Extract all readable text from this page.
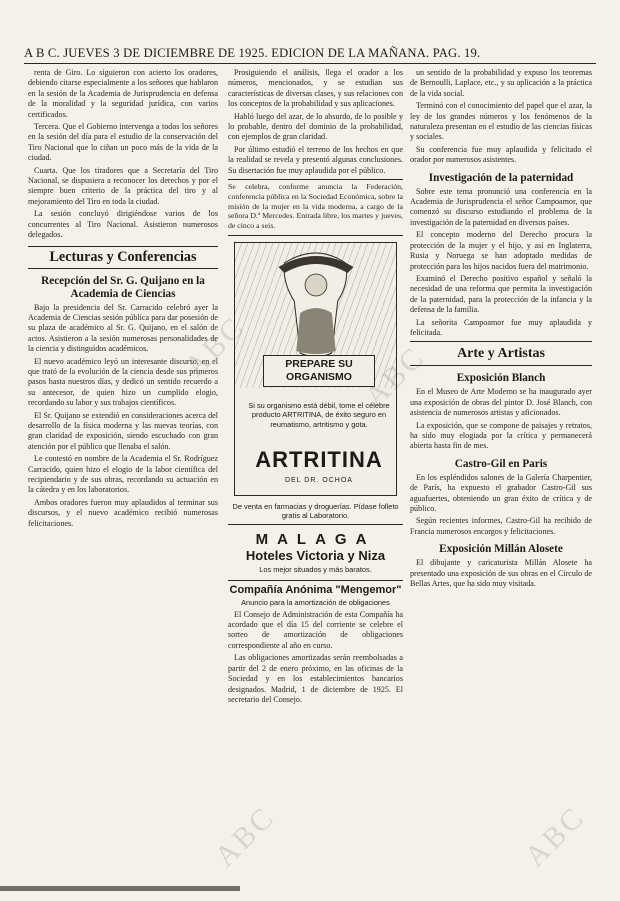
A B C. JUEVES 3 DE DICIEMBRE DE 1925. EDICION DE LA MAÑANA. PAG. 19.

renta de Giro. Lo siguieron con acierto los oradores, debiendo citarse especialmente a los señores que hablaron en la sesión de la Academia de Jurisprudencia en defensa de la moralidad y la seguridad jurídica, con varios certificados.

Tercera. Que el Gobierno intervenga a todos los señores en la sesión del día para el estudio de la conservación del Tiro Nacional que lo ciñan un poco más de la vida de la ciudad.

Cuarta. Que los tiradores que a Secretaría del Tiro Nacional, se dispusiera a reconocer los derechos y por el siempre buen criterio de la práctica del tiro y al mejoramiento del Tiro en toda la ciudad.

La sesión concluyó dirigiéndose varios de los concurrentes al Tiro Nacional. Asistieron numerosos delegados.

Lecturas y Conferencias
Recepción del Sr. G. Quijano en la Academia de Ciencias

Bajo la presidencia del Sr. Carracido celebró ayer la Academia de Ciencias sesión pública para dar posesión de su plaza de académico al Sr. G. Quijano, en el salón de actos. Asistieron a la sesión numerosas personalidades de la ciencia y distinguidos académicos.

El nuevo académico leyó un interesante discurso, en el que trató de la evolución de la ciencia desde sus primeros pasos hasta nuestros días, y dedicó un sentido recuerdo a su antecesor, de quien hizo un cumplido elogio, recordando su labor y sus trabajos científicos.

El Sr. Quijano se extendió en consideraciones acerca del desarrollo de la física moderna y las nuevas teorías, con gran claridad de exposición, siendo escuchado con gran atención por el público que llenaba el salón.

Le contestó en nombre de la Academia el Sr. Rodríguez Carracido, quien hizo el elogio de la labor científica del recipiendario y de sus obras, recordando su actuación en la cátedra y en los laboratorios.

Ambos oradores fueron muy aplaudidos al terminar sus discursos, y el nuevo académico recibió numerosas felicitaciones.

Prosiguiendo el análisis, llega el orador a los números, mencionados, y se estudian sus características de diversas clases, y sus relaciones con los conceptos de la probabilidad y sus aplicaciones.

Habló luego del azar, de lo absurdo, de lo posible y lo probable, dentro del dominio de la probabilidad, con ejemplos de gran claridad.

Por último estudió el terreno de los hechos en que la realidad se revela y presentó algunas conclusiones. Su disertación fue muy aplaudida por el público.

Se celebra, conforme anuncia la Federación, conferencia pública en la Sociedad Económica, sobre la misión de la mujer en la vida moderna, a cargo de la señora D.ª Mercedes. Entrada libre, los martes y jueves, de cinco a seis.

PREPARE SU
ORGANISMO
Si su organismo está débil, tome el célebre producto ARTRITINA, de éxito seguro en reumatismo, artritismo y gota.
ARTRITINA
DEL DR. OCHOA
De venta en farmacias y droguerías. Pídase folleto gratis al Laboratorio.
MALAGA
Hoteles Victoria y Niza
Los mejor situados y más baratos.
Compañía Anónima "Mengemor"
Anuncio para la amortización de obligaciones

El Consejo de Administración de esta Compañía ha acordado que el día 15 del corriente se celebre el sorteo de amortización de obligaciones correspondiente al año en curso.

Las obligaciones amortizadas serán reembolsadas a partir del 2 de enero próximo, en las oficinas de la Sociedad y en los establecimientos bancarios designados. Madrid, 1 de diciembre de 1925. El secretario del Consejo.

un sentido de la probabilidad y expuso los teoremas de Bernoulli, Laplace, etc., y su aplicación a la práctica de la vida social.

Terminó con el conocimiento del papel que el azar, la ley de los grandes números y los fenómenos de la naturaleza presentan en el estudio de las ciencias físicas y sociales.

Su conferencia fue muy aplaudida y felicitado el orador por numerosos asistentes.

Investigación de la paternidad

Sobre este tema pronunció una conferencia en la Academia de Jurisprudencia el señor Campoamor, que comenzó su discurso estudiando el problema de la investigación de la paternidad en diversos países.

El concepto moderno del Derecho procura la protección de la mujer y el hijo, y así en Inglaterra, Rusia y Noruega se han adoptado medidas de protección para los hijos nacidos fuera del matrimonio.

Examinó el Derecho positivo español y señaló la necesidad de una reforma que permita la investigación de la paternidad, para la protección de la infancia y la defensa de la familia.

La señorita Campoamor fue muy aplaudida y felicitada.

Arte y Artistas
Exposición Blanch

En el Museo de Arte Moderno se ha inaugurado ayer una exposición de obras del pintor D. José Blanch, con asistencia de numerosos artistas y aficionados.

La exposición, que se compone de paisajes y retratos, ha sido muy elogiada por la crítica y permanecerá abierta hasta fin de mes.

Castro-Gil en Paris

En los espléndidos salones de la Galería Charpentier, de París, ha expuesto el grabador Castro-Gil sus aguafuertes, obteniendo un gran éxito de crítica y de público.

Según recientes informes, Castro-Gil ha recibido de Francia numerosos encargos y felicitaciones.

Exposición Millán Alosete

El dibujante y caricaturista Millán Alosete ha presentado una exposición de sus obras en el Círculo de Bellas Artes, que ha sido muy visitada.

ABC
ABC	ABC
